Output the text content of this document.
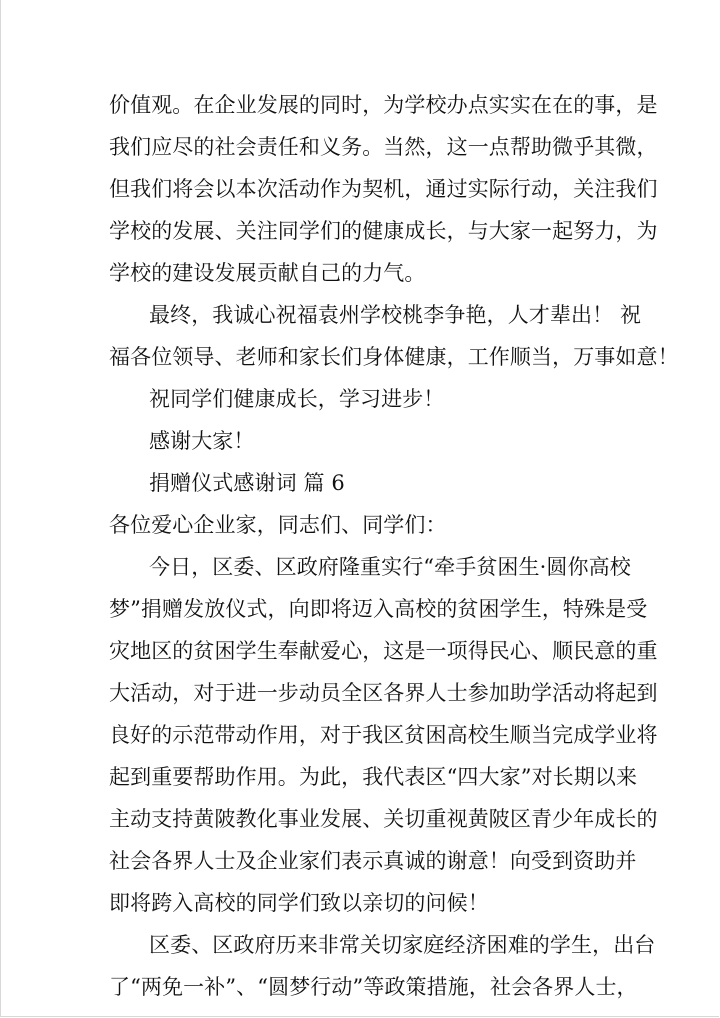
价值观。在企业发展的同时，为学校办点实实在在的事，是
我们应尽的社会责任和义务。当然，这一点帮助微乎其微，
但我们将会以本次活动作为契机，通过实际行动，关注我们
学校的发展、关注同学们的健康成长，与大家一起努力，为
学校的建设发展贡献自己的力气。
最终，我诚心祝福袁州学校桃李争艳，人才辈出！ 祝
福各位领导、老师和家长们身体健康，工作顺当，万事如意！
祝同学们健康成长，学习进步！
感谢大家！
捐赠仪式感谢词 篇 6
各位爱心企业家，同志们、同学们：
今日，区委、区政府隆重实行“牵手贫困生·圆你高校
梦”捐赠发放仪式，向即将迈入高校的贫困学生，特殊是受
灾地区的贫困学生奉献爱心，这是一项得民心、顺民意的重
大活动，对于进一步动员全区各界人士参加助学活动将起到
良好的示范带动作用，对于我区贫困高校生顺当完成学业将
起到重要帮助作用。为此，我代表区“四大家”对长期以来
主动支持黄陂教化事业发展、关切重视黄陂区青少年成长的
社会各界人士及企业家们表示真诚的谢意！向受到资助并
即将跨入高校的同学们致以亲切的问候！
区委、区政府历来非常关切家庭经济困难的学生，出台
了“两免一补”、“圆梦行动”等政策措施，社会各界人士，
